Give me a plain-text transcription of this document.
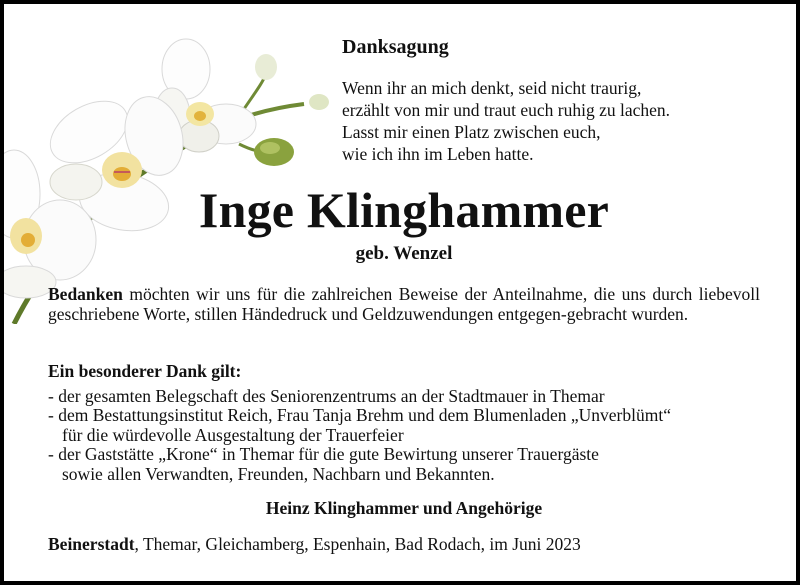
Danksagung
Wenn ihr an mich denkt, seid nicht traurig,
erzählt von mir und traut euch ruhig zu lachen.
Lasst mir einen Platz zwischen euch,
wie ich ihn im Leben hatte.
Inge Klinghammer
geb. Wenzel
Bedanken möchten wir uns für die zahlreichen Beweise der Anteilnahme, die uns durch liebevoll geschriebene Worte, stillen Händedruck und Geldzuwendungen entgegen-gebracht wurden.
Ein besonderer Dank gilt:
- der gesamten Belegschaft des Seniorenzentrums an der Stadtmauer in Themar
- dem Bestattungsinstitut Reich, Frau Tanja Brehm und dem Blumenladen „Unverblümt“
für die würdevolle Ausgestaltung der Trauerfeier
- der Gaststätte „Krone“ in Themar für die gute Bewirtung unserer Trauergäste
sowie allen Verwandten, Freunden, Nachbarn und Bekannten.
Heinz Klinghammer und Angehörige
Beinerstadt, Themar, Gleichamberg, Espenhain, Bad Rodach, im Juni 2023
